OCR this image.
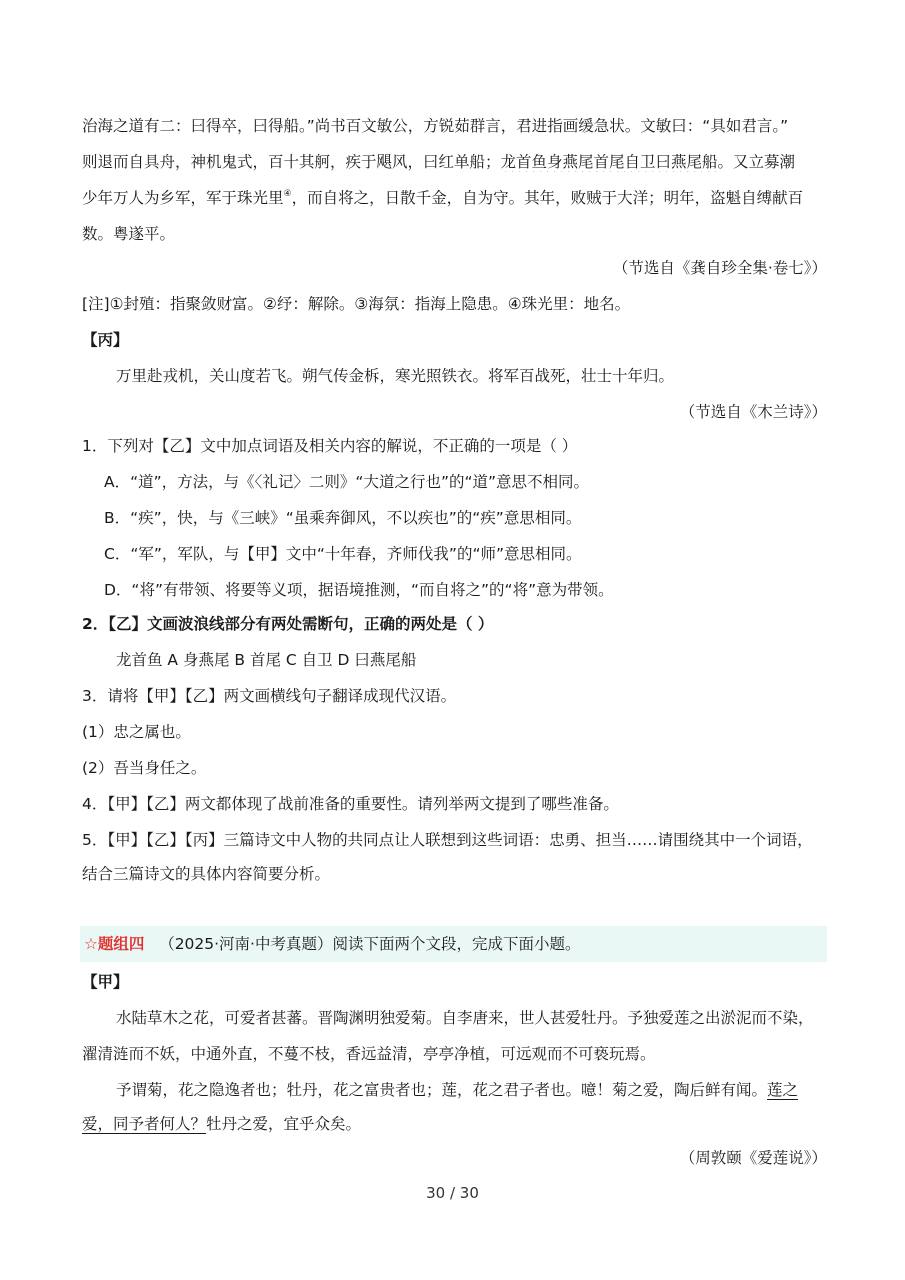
治海之道有二：曰得卒，曰得船。”尚书百文敏公，方锐茹群言，君进指画缓急状。文敏曰：“具如君言。”
则退而自具舟，神机鬼式，百十其舸，疾于飓风，曰红单船；龙首鱼身燕尾首尾自卫曰燕尾船。又立募潮
少年万人为乡军，军于珠光里④，而自将之，日散千金，自为守。其年，败贼于大洋；明年，盗魁自缚献百
数。粤遂平。
（节选自《龚自珍全集·卷七》）
[注]①封殖：指聚敛财富。②纾：解除。③海氛：指海上隐患。④珠光里：地名。
【丙】
万里赴戎机，关山度若飞。朔气传金柝，寒光照铁衣。将军百战死，壮士十年归。
（节选自《木兰诗》）
1．下列对【乙】文中加点词语及相关内容的解说，不正确的一项是（ ）
A．“道”，方法，与《〈礼记〉二则》“大道之行也”的“道”意思不相同。
B．“疾”，快，与《三峡》“虽乘奔御风，不以疾也”的“疾”意思相同。
C．“军”，军队，与【甲】文中“十年春，齐师伐我”的“师”意思相同。
D．“将”有带领、将要等义项，据语境推测，“而自将之”的“将”意为带领。
2．【乙】文画波浪线部分有两处需断句，正确的两处是（ ）
龙首鱼 A 身燕尾 B 首尾 C 自卫 D 曰燕尾船
3．请将【甲】【乙】两文画横线句子翻译成现代汉语。
(1）忠之属也。
(2）吾当身任之。
4．【甲】【乙】两文都体现了战前准备的重要性。请列举两文提到了哪些准备。
5．【甲】【乙】【丙】三篇诗文中人物的共同点让人联想到这些词语：忠勇、担当……请围绕其中一个词语，
结合三篇诗文的具体内容简要分析。
☆题组四 （2025·河南·中考真题）阅读下面两个文段，完成下面小题。
【甲】
水陆草木之花，可爱者甚蕃。晋陶渊明独爱菊。自李唐来，世人甚爱牡丹。予独爱莲之出淤泥而不染，
濯清涟而不妖，中通外直，不蔓不枝，香远益清，亭亭净植，可远观而不可亵玩焉。
予谓菊，花之隐逸者也；牡丹，花之富贵者也；莲，花之君子者也。噫！菊之爱，陶后鲜有闻。莲之
爱，同予者何人？牡丹之爱，宜乎众矣。
（周敦颐《爱莲说》）
30 / 30
